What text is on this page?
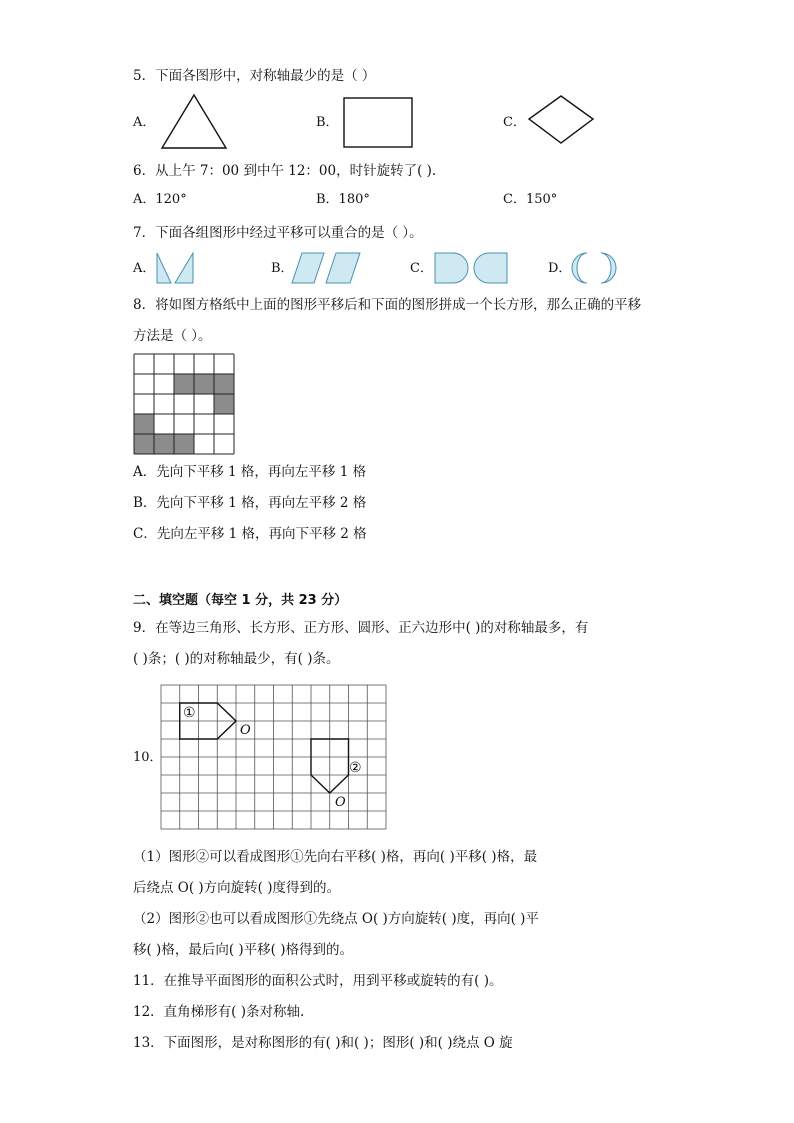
5．下面各图形中，对称轴最少的是（ ）
A．	B．	C．
6．从上午 7：00 到中午 12：00，时针旋转了( ).
A．120°	B．180°	C．150°
7．下面各组图形中经过平移可以重合的是（ ）。
A．	B．	C．	D．
8．将如图方格纸中上面的图形平移后和下面的图形拼成一个长方形，那么正确的平移
方法是（ ）。
A．先向下平移 1 格，再向左平移 1 格
B．先向下平移 1 格，再向左平移 2 格
C．先向左平移 1 格，再向下平移 2 格
二、填空题（每空 1 分，共 23 分）
9．在等边三角形、长方形、正方形、圆形、正六边形中( )的对称轴最多，有
( )条；( )的对称轴最少，有( )条。
10．
①
O
②
O
（1）图形②可以看成图形①先向右平移( )格，再向( )平移( )格，最
后绕点 O( )方向旋转( )度得到的。
（2）图形②也可以看成图形①先绕点 O( )方向旋转( )度，再向( )平
移( )格，最后向( )平移( )格得到的。
11．在推导平面图形的面积公式时，用到平移或旋转的有( )。
12．直角梯形有( )条对称轴.
13．下面图形，是对称图形的有( )和( )；图形( )和( )绕点 O 旋
